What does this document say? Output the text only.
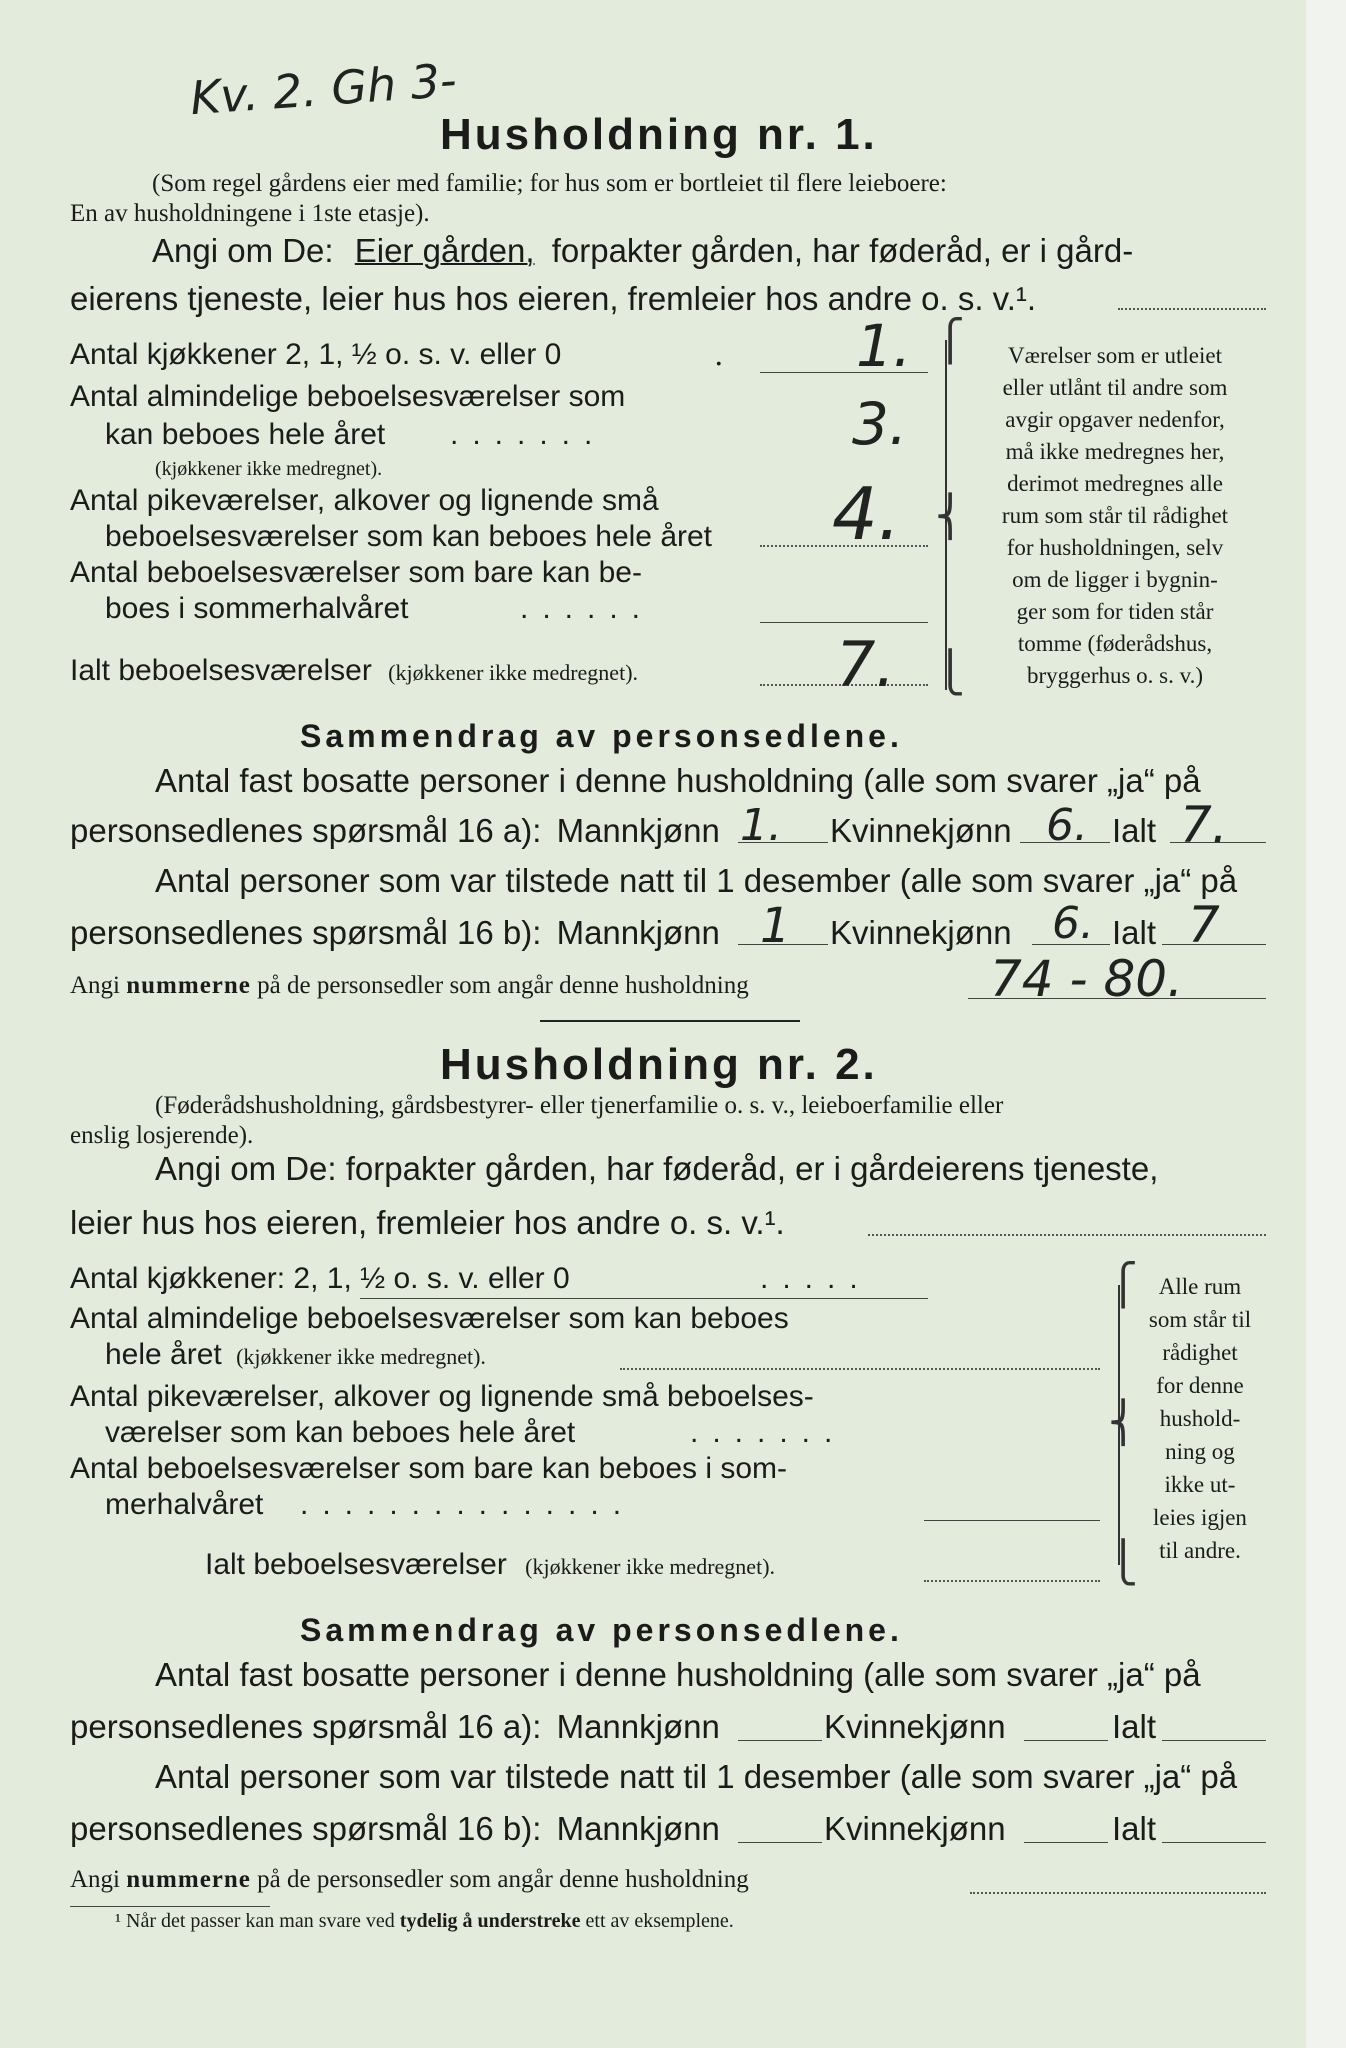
Kv. 2. Gh 3-
Husholdning nr. 1.
(Som regel gårdens eier med familie; for hus som er bortleiet til flere leieboere:
En av husholdningene i 1ste etasje).
Angi om De: Eier gården, forpakter gården, har føderåd, er i gård-
eierens tjeneste, leier hus hos eieren, fremleier hos andre o. s. v.¹.
Antal kjøkkener 2, 1, ½ o. s. v. eller 0	. 1.
Antal almindelige beboelsesværelser som
kan beboes hele året .......	3.
(kjøkkener ikke medregnet).
Antal pikeværelser, alkover og lignende små
beboelsesværelser som kan beboes hele året 4.
Antal beboelsesværelser som bare kan be-
boes i sommerhalvåret	......
Ialt beboelsesværelser (kjøkkener ikke medregnet).	7.
⎧
⎨
⎩
Værelser som er utleiet
eller utlånt til andre som
avgir opgaver nedenfor,
må ikke medregnes her,
derimot medregnes alle
rum som står til rådighet
for husholdningen, selv
om de ligger i bygnin-
ger som for tiden står
tomme (føderådshus,
bryggerhus o. s. v.)
Sammendrag av personsedlene.
Antal fast bosatte personer i denne husholdning (alle som svarer „ja“ på
personsedlenes spørsmål 16 a): Mannkjønn 1. Kvinnekjønn 6. Ialt 7.
Antal personer som var tilstede natt til 1 desember (alle som svarer „ja“ på
personsedlenes spørsmål 16 b): Mannkjønn 1 Kvinnekjønn 6. Ialt 7
Angi nummerne på de personsedler som angår denne husholdning	74 - 80.
Husholdning nr. 2.
(Føderådshusholdning, gårdsbestyrer- eller tjenerfamilie o. s. v., leieboerfamilie eller
enslig losjerende).
Angi om De: forpakter gården, har føderåd, er i gårdeierens tjeneste,
leier hus hos eieren, fremleier hos andre o. s. v.¹.
Antal kjøkkener: 2, 1, ½ o. s. v. eller 0	.....
Antal almindelige beboelsesværelser som kan beboes
hele året (kjøkkener ikke medregnet).
Antal pikeværelser, alkover og lignende små beboelses-
værelser som kan beboes hele året	.......
Antal beboelsesværelser som bare kan beboes i som-
merhalvåret ...............
Ialt beboelsesværelser (kjøkkener ikke medregnet).
⎧
⎨
⎩
Alle rum
som står til
rådighet
for denne
hushold-
ning og
ikke ut-
leies igjen
til andre.
Sammendrag av personsedlene.
Antal fast bosatte personer i denne husholdning (alle som svarer „ja“ på
personsedlenes spørsmål 16 a): Mannkjønn	Kvinnekjønn	Ialt
Antal personer som var tilstede natt til 1 desember (alle som svarer „ja“ på
personsedlenes spørsmål 16 b): Mannkjønn	Kvinnekjønn	Ialt
Angi nummerne på de personsedler som angår denne husholdning
¹ Når det passer kan man svare ved tydelig å understreke ett av eksemplene.
